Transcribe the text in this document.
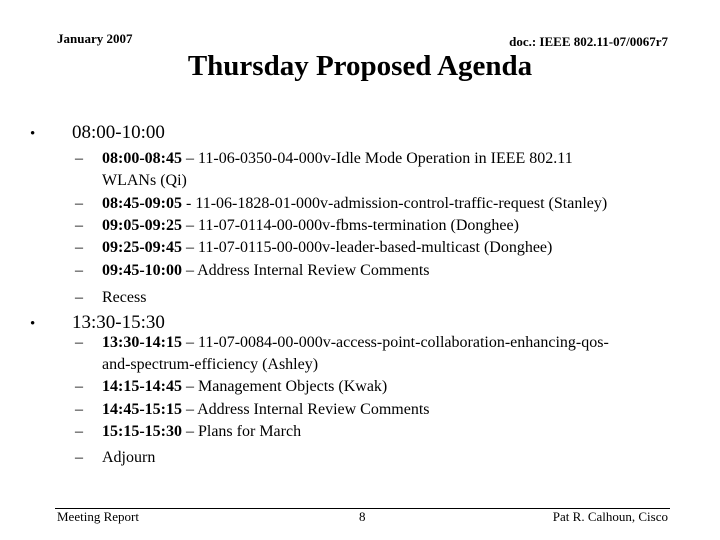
January 2007	doc.: IEEE 802.11-07/0067r7
Thursday Proposed Agenda
• 08:00-10:00
– 08:00-08:45 – 11-06-0350-04-000v-Idle Mode Operation in IEEE 802.11
WLANs (Qi)
– 08:45-09:05 - 11-06-1828-01-000v-admission-control-traffic-request (Stanley)
– 09:05-09:25 – 11-07-0114-00-000v-fbms-termination (Donghee)
– 09:25-09:45 – 11-07-0115-00-000v-leader-based-multicast (Donghee)
– 09:45-10:00 – Address Internal Review Comments
– Recess
• 13:30-15:30
– 13:30-14:15 – 11-07-0084-00-000v-access-point-collaboration-enhancing-qos-
and-spectrum-efficiency (Ashley)
– 14:15-14:45 – Management Objects (Kwak)
– 14:45-15:15 – Address Internal Review Comments
– 15:15-15:30 – Plans for March
– Adjourn
Meeting Report	8	Pat R. Calhoun, Cisco
